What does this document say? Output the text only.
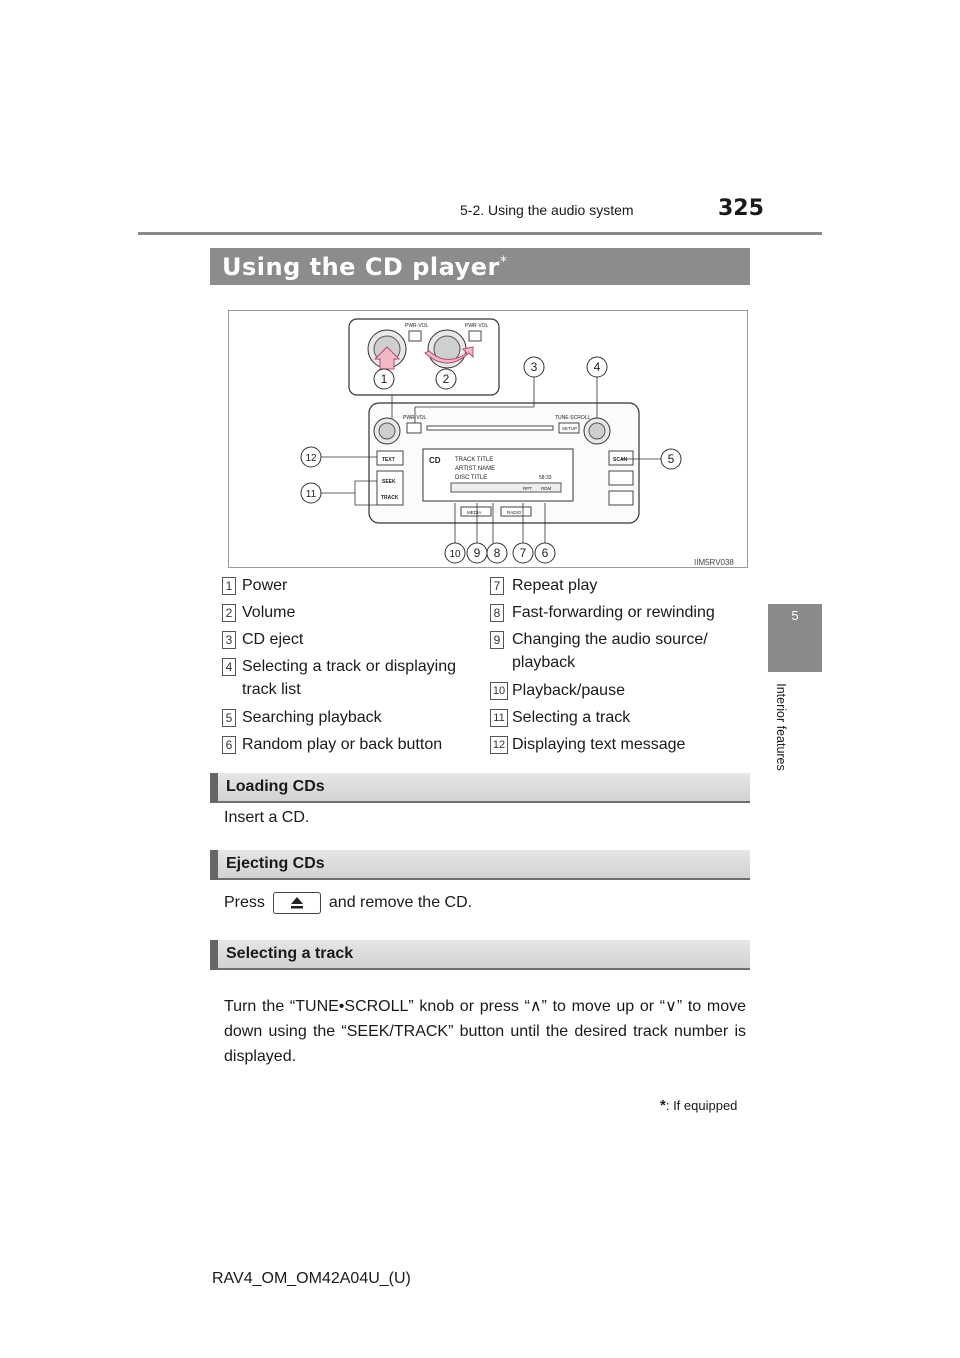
5-2. Using the audio system	325
5
Interior features
Using the CD player*
PWR·VOL	PWR·VOL
PWR·VOL	TUNE·SCROLL
SETUP
TEXT
SEEK
TRACK
SCAN
CD TRACK TITLE
ARTIST NAME
DISC TITLE	58:33
RPT RDM
MEDIA	RADIO
1	2
3	4
5
6
7
8
9
10
11
12
IIM5RV038
1 Power
2 Volume
3 CD eject
4 Selecting a track or displaying track list
5 Searching playback
6 Random play or back button
7 Repeat play
8 Fast-forwarding or rewinding
9 Changing the audio source/ playback
10 Playback/pause
11 Selecting a track
12 Displaying text message
Loading CDs
Insert a CD.
Ejecting CDs
Press	and remove the CD.
Selecting a track
Turn the “TUNE•SCROLL” knob or press “∧” to move up or “∨” to move down using the “SEEK/TRACK” button until the desired track number is displayed.
*: If equipped
RAV4_OM_OM42A04U_(U)
